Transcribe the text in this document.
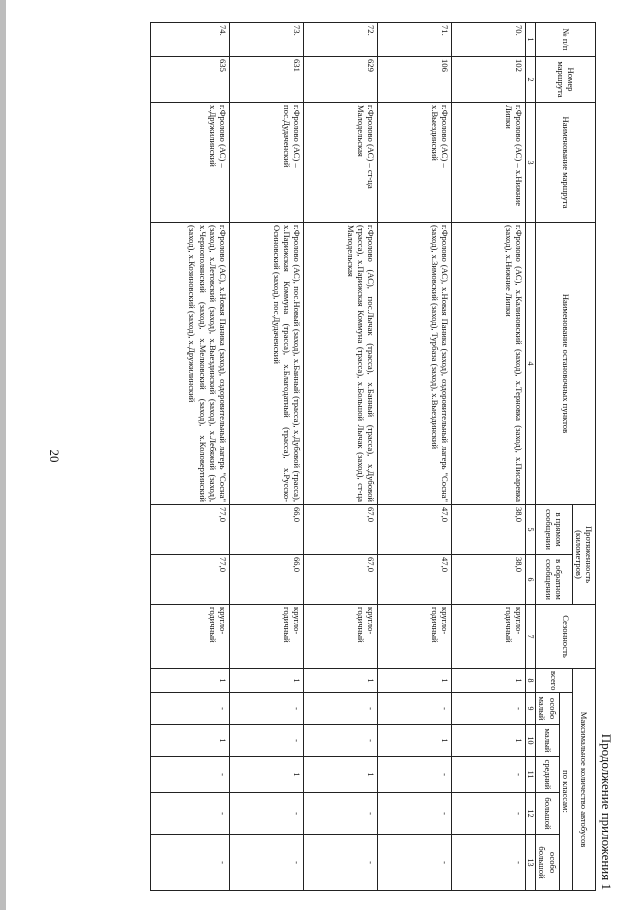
20
Продолжение приложения 1
№ п/п	Номер маршрута	Наименование маршрута	Наименование остановочных пунктов	Протяженность (километров)		Сезонность	Максимальное количество автобусов					
				в прямом сообщении	в обратном сообщении		всего	по классам:				
								особо малый	малый	средний	большой	особо большой
1	2	3	4	5	6	7	8	9	10	11	12	13
70.	102	г.Фролово (АС) – х.Нижние Липки	г.Фролово (АС), х.Калиновский (заход), х.Терновка (заход), х.Писаревка (заход), х.Нижние Липки	38,0	38,0	кругло-годичный	1	-	1	-	-	-
71.	106	г.Фролово (АС) – х.Выездинский	г.Фролово (АС), х.Новая Паника (заход), оздоровительный лагерь "Сосна" (заход), х.Зимовский (заход), Турбаза (заход), х.Выездинский	47,0	47,0	кругло-годичный	1	-	1	-	-	-
72.	629	г.Фролово (АС) – ст-ца Малодельская	г.Фролово (АС), пос.Лычак (трасса), х.Банный (трасса), х.Дубовой (трасса), х.Парижская Коммуна (трасса), х.Большой Лычак (заход), ст-ца Малодельская	67,0	67,0	кругло-годичный	1	-	-	1	-	-
73.	631	г.Фролово (АС) – пос.Дудаченский	г.Фролово (АС), пос.Новый (заход), х.Банный (трасса), х.Дубовой (трасса), х.Парижская Коммуна (трасса), х.Благодатный (трасса), х.Русско-Осиновский (заход), пос.Дудаченский	66,0	66,0	кругло-годичный	1	-	-	1	-	-
74.	635	г.Фролово (АС) – х.Дружилинский	г.Фролово (АС), х.Новая Паника (заход), оздоровительный лагерь "Сосна" (заход), х.Летовский (заход), х.Выездинский (заход), х.Лебяжий (заход), х.Чернополянский (заход), х.Мелковский (заход), х.Коловертинский (заход), х.Козиновский (заход), х.Дружилинский	77,0	77,0	кругло-годичный	1	-	1	-	-	-
